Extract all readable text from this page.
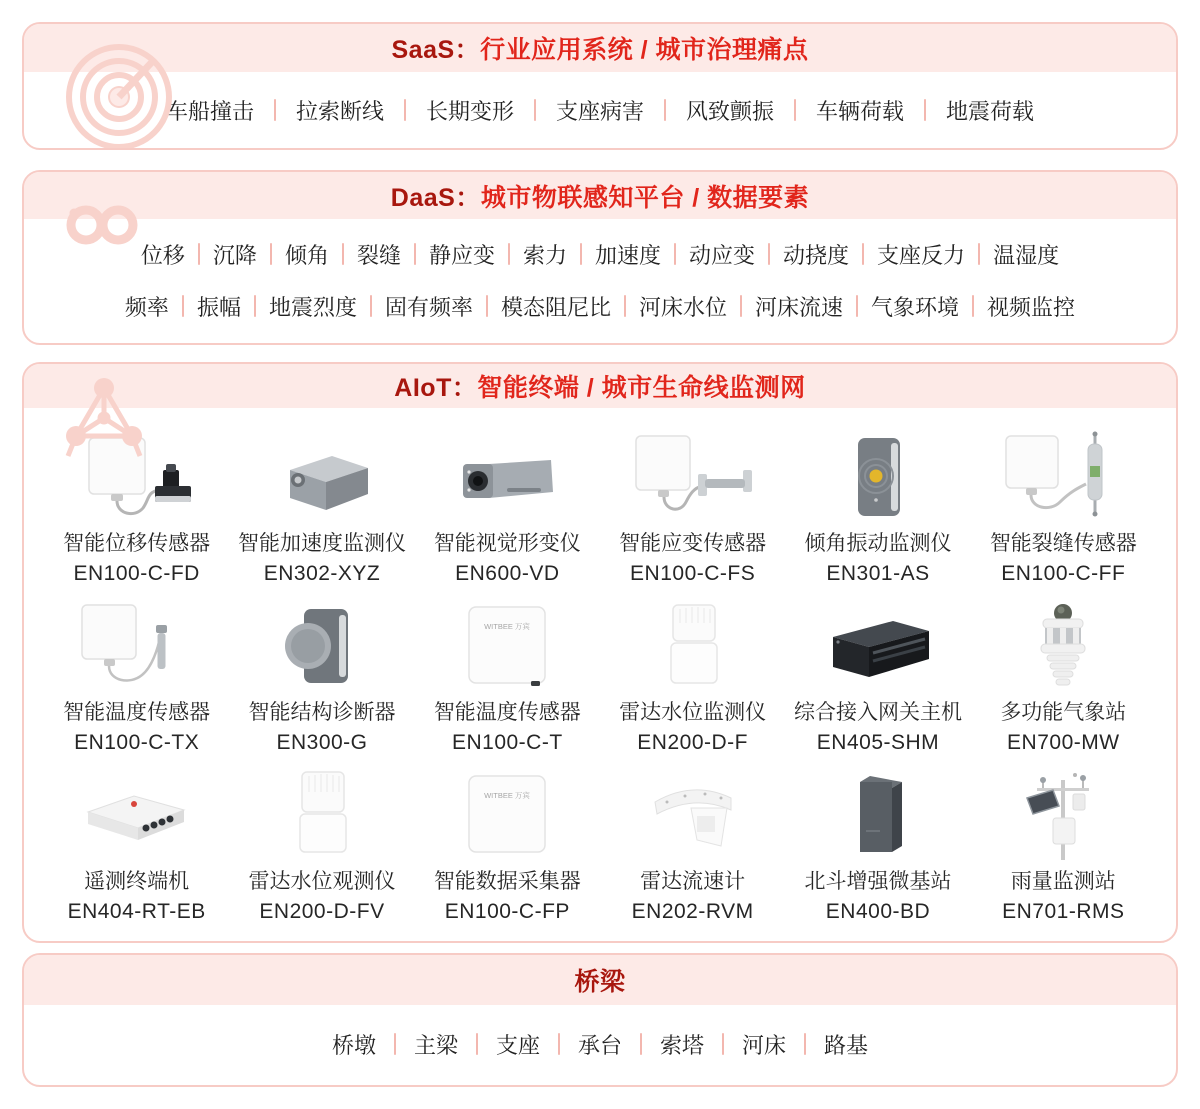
SaaS：行业应用系统 / 城市治理痛点
车船撞击	拉索断线	长期变形	支座病害	风致颤振	车辆荷载	地震荷载
DaaS：城市物联感知平台 / 数据要素
位移	沉降	倾角	裂缝	静应变	索力	加速度	动应变	动挠度	支座反力	温湿度
频率	振幅	地震烈度	固有频率	模态阻尼比	河床水位	河床流速	气象环境	视频监控
AIoT：智能终端 / 城市生命线监测网
智能位移传感器
EN100-C-FD
智能加速度监测仪
EN302-XYZ
智能视觉形变仪
EN600-VD
智能应变传感器
EN100-C-FS
倾角振动监测仪
EN301-AS
智能裂缝传感器
EN100-C-FF
智能温度传感器
EN100-C-TX
智能结构诊断器
EN300-G
WITBEE 万宾
智能温度传感器
EN100-C-T
雷达水位监测仪
EN200-D-F
综合接入网关主机
EN405-SHM
多功能气象站
EN700-MW
遥测终端机
EN404-RT-EB
雷达水位观测仪
EN200-D-FV
WITBEE 万宾
智能数据采集器
EN100-C-FP
雷达流速计
EN202-RVM
北斗增强微基站
EN400-BD
雨量监测站
EN701-RMS
桥梁
桥墩	主梁	支座	承台	索塔	河床	路基
